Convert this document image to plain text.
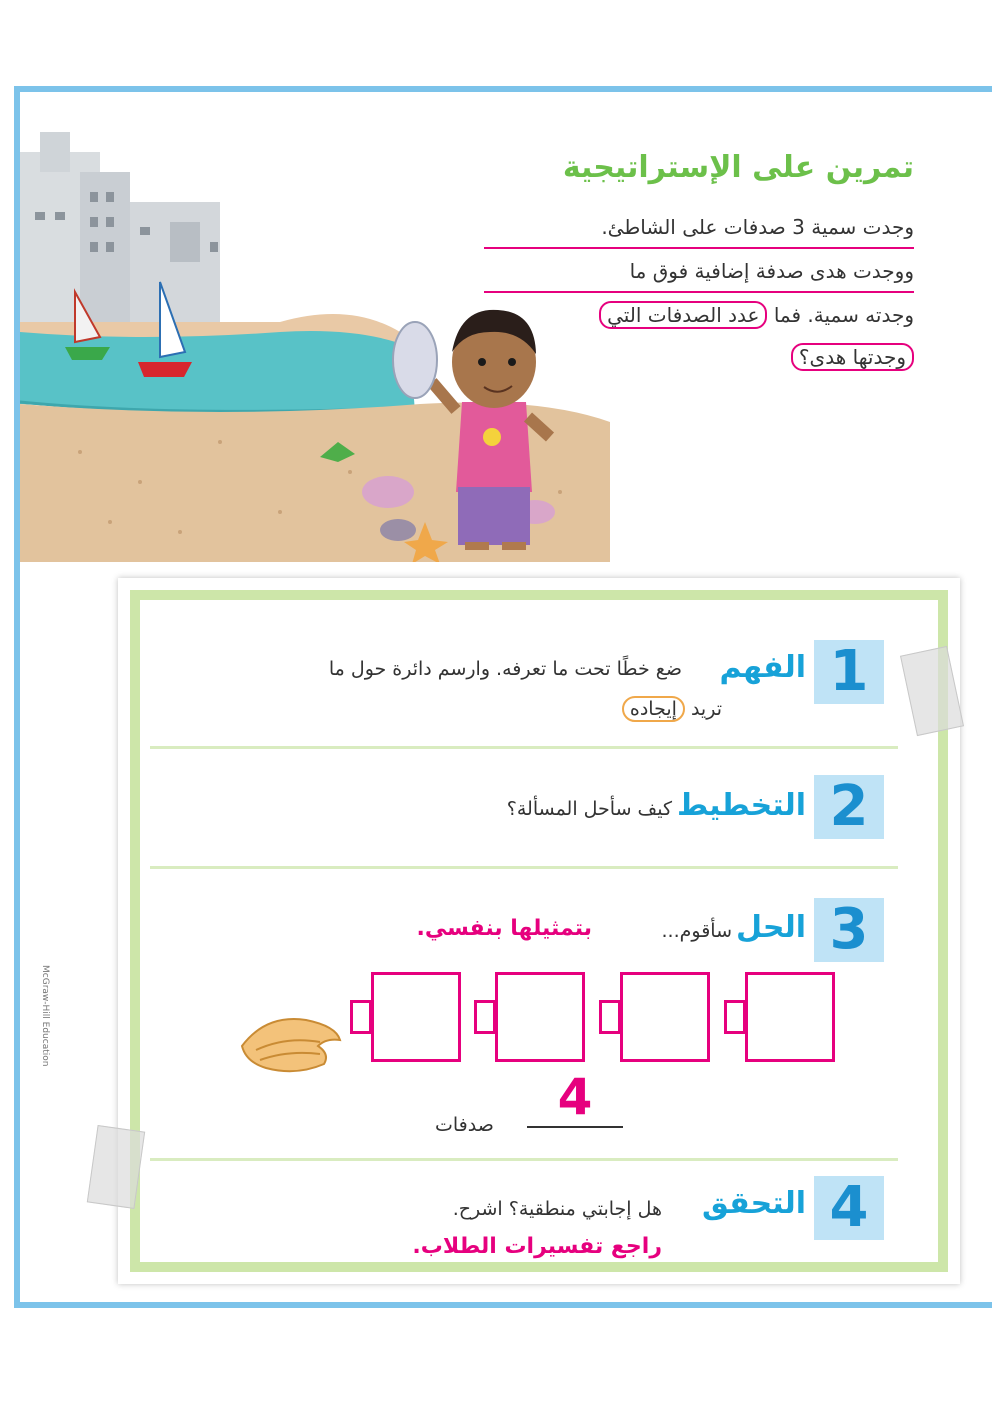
تمرين على الإستراتيجية
وجدت سمية 3 صدفات على الشاطئ.
ووجدت هدى صدفة إضافية فوق ما
وجدته سمية. فما عدد الصدفات التي
وجدتها هدى؟
1
الفهم
ضع خطًا تحت ما تعرفه. وارسم دائرة حول ما
تريد إيجاده
2
التخطيط
كيف سأحل المسألة؟
3
الحل
سأقوم...
بتمثيلها بنفسي.
4
صدفات
4
التحقق
هل إجابتي منطقية؟ اشرح.
راجع تفسيرات الطلاب.
McGraw-Hill Education
